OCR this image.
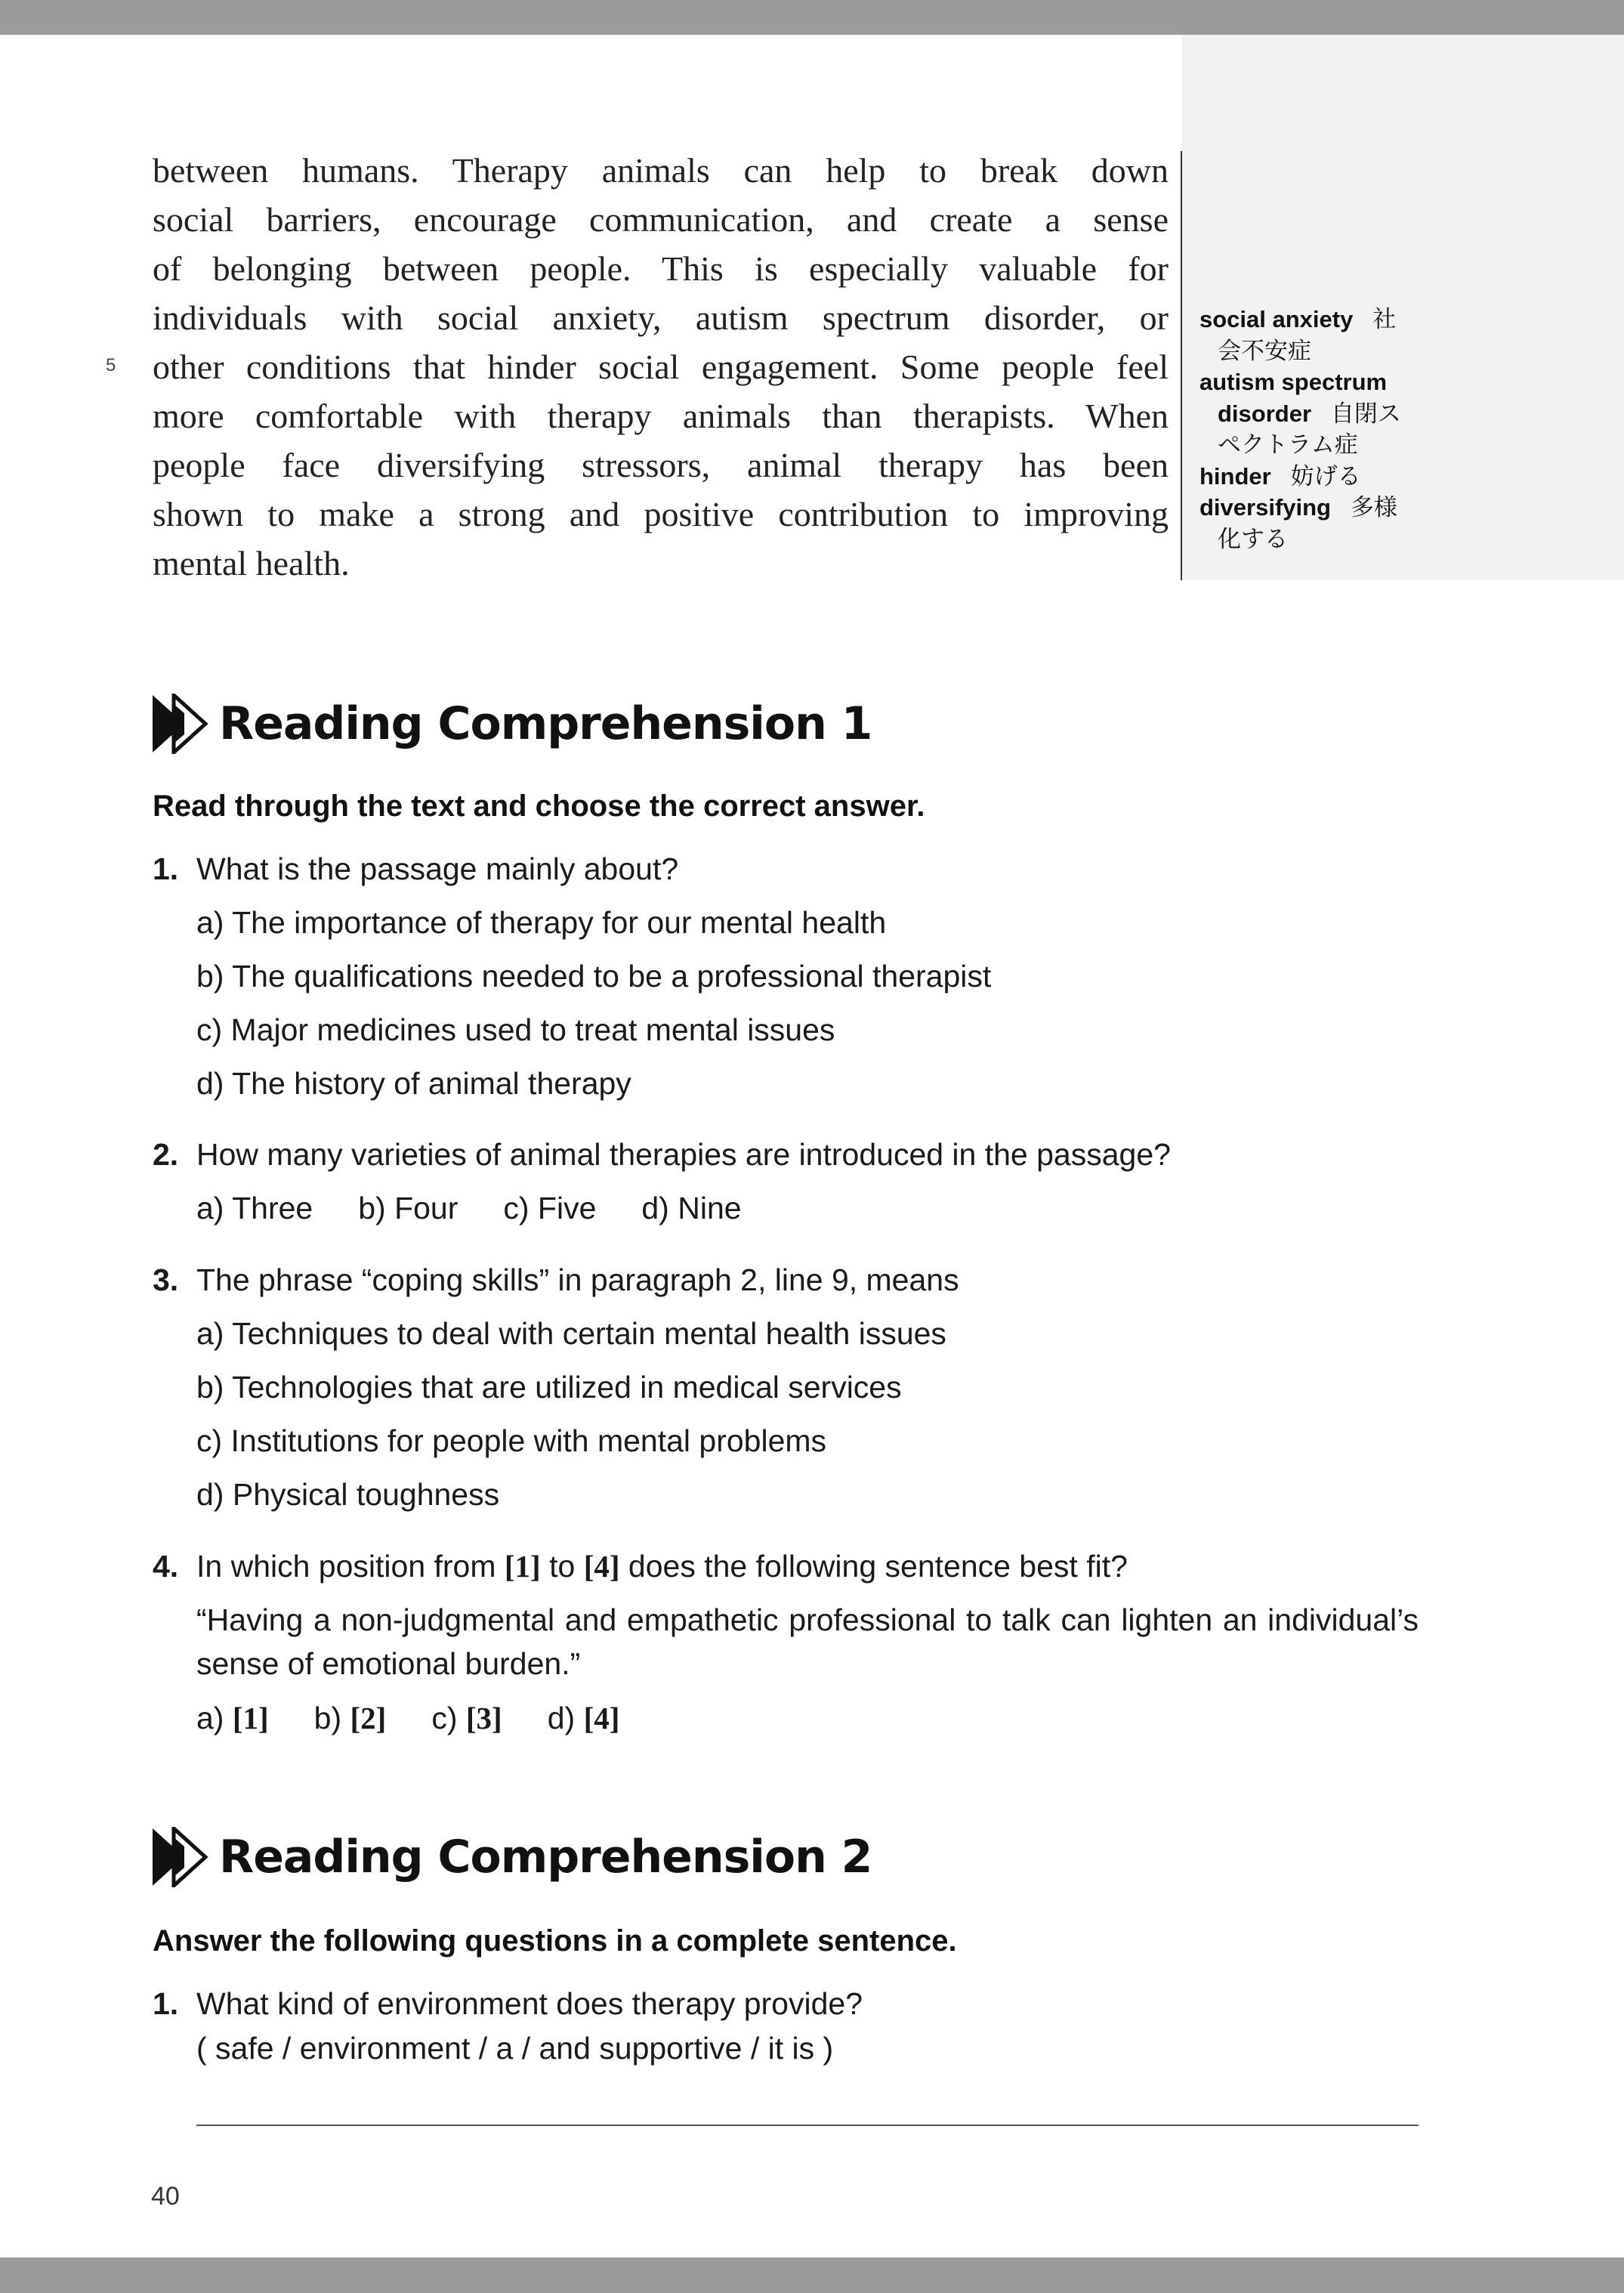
between humans. Therapy animals can help to break down
social barriers, encourage communication, and create a sense
of belonging between people. This is especially valuable for
individuals with social anxiety, autism spectrum disorder, or
other conditions that hinder social engagement. Some people feel
more comfortable with therapy animals than therapists. When
people face diversifying stressors, animal therapy has been
shown to make a strong and positive contribution to improving
mental health.
5
social anxiety 社
会不安症
autism spectrum
disorder 自閉ス
ペクトラム症
hinder 妨げる
diversifying 多様
化する
Reading Comprehension 1
Read through the text and choose the correct answer.
1. What is the passage mainly about?
a) The importance of therapy for our mental health
b) The qualifications needed to be a professional therapist
c) Major medicines used to treat mental issues
d) The history of animal therapy
2. How many varieties of animal therapies are introduced in the passage?
a) Three b) Four c) Five d) Nine
3. The phrase “coping skills” in paragraph 2, line 9, means
a) Techniques to deal with certain mental health issues
b) Technologies that are utilized in medical services
c) Institutions for people with mental problems
d) Physical toughness
4. In which position from [1] to [4] does the following sentence best fit?
“Having a non-judgmental and empathetic professional to talk can lighten an individual’s sense of emotional burden.”
a) [1] b) [2] c) [3] d) [4]
Reading Comprehension 2
Answer the following questions in a complete sentence.
1. What kind of environment does therapy provide?
( safe / environment / a / and supportive / it is )
40
